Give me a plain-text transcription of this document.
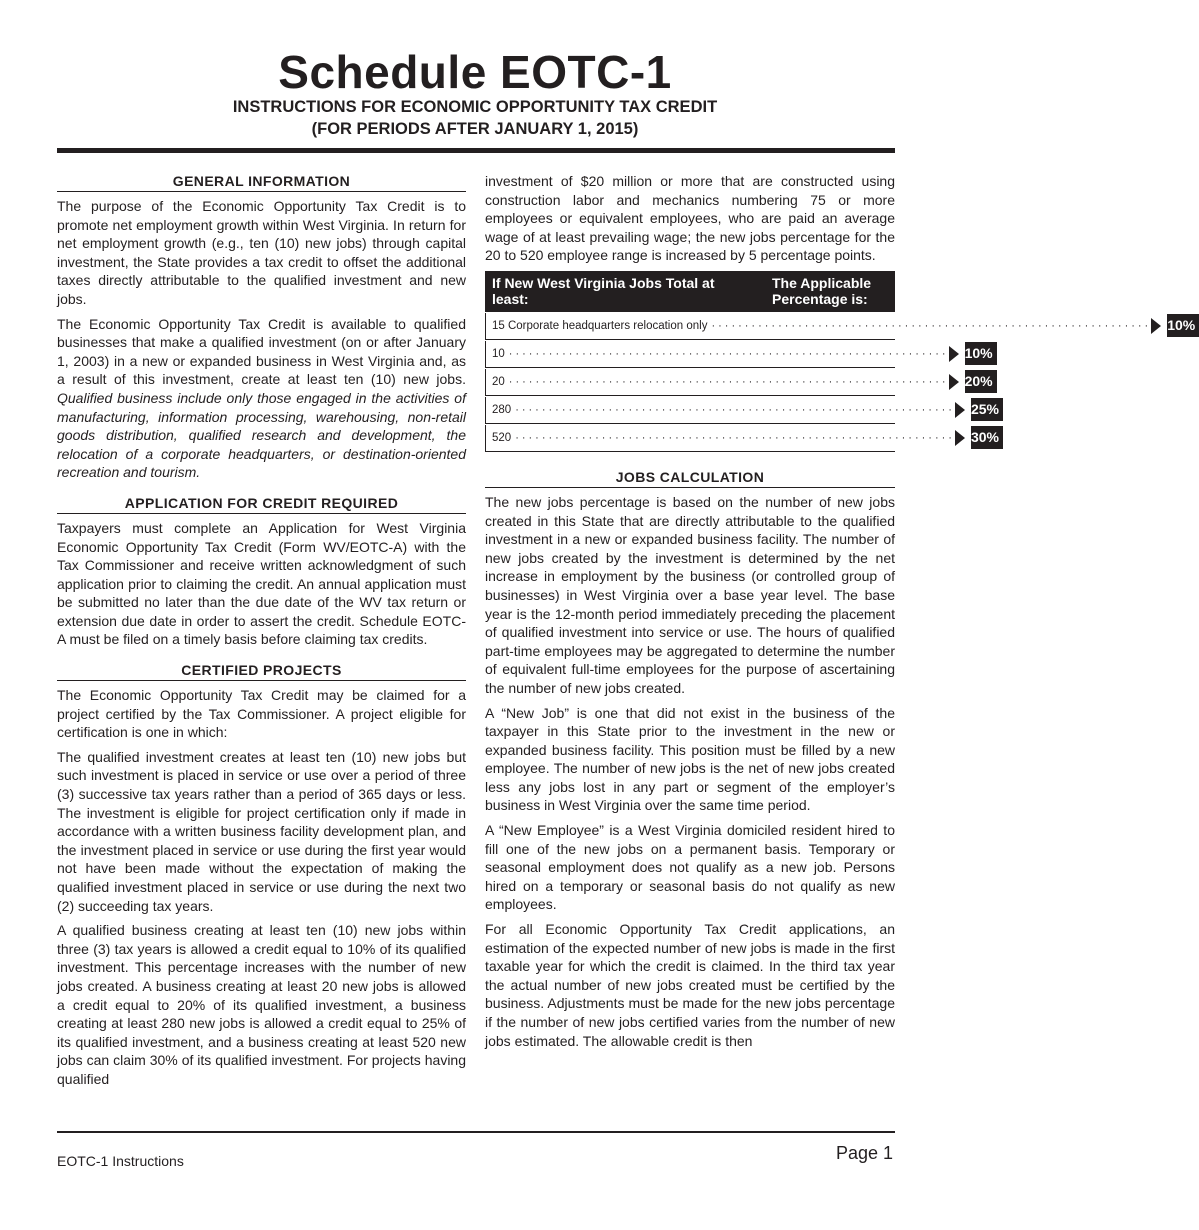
Schedule EOTC-1
INSTRUCTIONS FOR ECONOMIC OPPORTUNITY TAX CREDIT
(FOR PERIODS AFTER JANUARY 1, 2015)
GENERAL INFORMATION

The purpose of the Economic Opportunity Tax Credit is to promote net employment growth within West Virginia. In return for net employment growth (e.g., ten (10) new jobs) through capital investment, the State provides a tax credit to offset the additional taxes directly attributable to the qualified investment and new jobs.

The Economic Opportunity Tax Credit is available to qualified businesses that make a qualified investment (on or after January 1, 2003) in a new or expanded business in West Virginia and, as a result of this investment, create at least ten (10) new jobs. Qualified business include only those engaged in the activities of manufacturing, information processing, warehousing, non-retail goods distribution, qualified research and development, the relocation of a corporate headquarters, or destination-oriented recreation and tourism.

APPLICATION FOR CREDIT REQUIRED

Taxpayers must complete an Application for West Virginia Economic Opportunity Tax Credit (Form WV/EOTC-A) with the Tax Commissioner and receive written acknowledgment of such application prior to claiming the credit. An annual application must be submitted no later than the due date of the WV tax return or extension due date in order to assert the credit. Schedule EOTC-A must be filed on a timely basis before claiming tax credits.

CERTIFIED PROJECTS

The Economic Opportunity Tax Credit may be claimed for a project certified by the Tax Commissioner. A project eligible for certification is one in which:

The qualified investment creates at least ten (10) new jobs but such investment is placed in service or use over a period of three (3) successive tax years rather than a period of 365 days or less. The investment is eligible for project certification only if made in accordance with a written business facility development plan, and the investment placed in service or use during the first year would not have been made without the expectation of making the qualified investment placed in service or use during the next two (2) succeeding tax years.

A qualified business creating at least ten (10) new jobs within three (3) tax years is allowed a credit equal to 10% of its qualified investment. This percentage increases with the number of new jobs created. A business creating at least 20 new jobs is allowed a credit equal to 20% of its qualified investment, a business creating at least 280 new jobs is allowed a credit equal to 25% of its qualified investment, and a business creating at least 520 new jobs can claim 30% of its qualified investment. For projects having qualified

investment of $20 million or more that are constructed using construction labor and mechanics numbering 75 or more employees or equivalent employees, who are paid an average wage of at least prevailing wage; the new jobs percentage for the 20 to 520 employee range is increased by 5 percentage points.

If New West Virginia Jobs Total at least:
The Applicable Percentage is:
15 Corporate headquarters relocation only ·································································· 10%
10 ·································································· 10%
20 ·································································· 20%
280 ·································································· 25%
520 ·································································· 30%
JOBS CALCULATION

The new jobs percentage is based on the number of new jobs created in this State that are directly attributable to the qualified investment in a new or expanded business facility. The number of new jobs created by the investment is determined by the net increase in employment by the business (or controlled group of businesses) in West Virginia over a base year level. The base year is the 12-month period immediately preceding the placement of qualified investment into service or use. The hours of qualified part-time employees may be aggregated to determine the number of equivalent full-time employees for the purpose of ascertaining the number of new jobs created.

A “New Job” is one that did not exist in the business of the taxpayer in this State prior to the investment in the new or expanded business facility. This position must be filled by a new employee. The number of new jobs is the net of new jobs created less any jobs lost in any part or segment of the employer’s business in West Virginia over the same time period.

A “New Employee” is a West Virginia domiciled resident hired to fill one of the new jobs on a permanent basis. Temporary or seasonal employment does not qualify as a new job. Persons hired on a temporary or seasonal basis do not qualify as new employees.

For all Economic Opportunity Tax Credit applications, an estimation of the expected number of new jobs is made in the first taxable year for which the credit is claimed. In the third tax year the actual number of new jobs created must be certified by the business. Adjustments must be made for the new jobs percentage if the number of new jobs certified varies from the number of new jobs estimated. The allowable credit is then

EOTC-1 Instructions	Page 1
